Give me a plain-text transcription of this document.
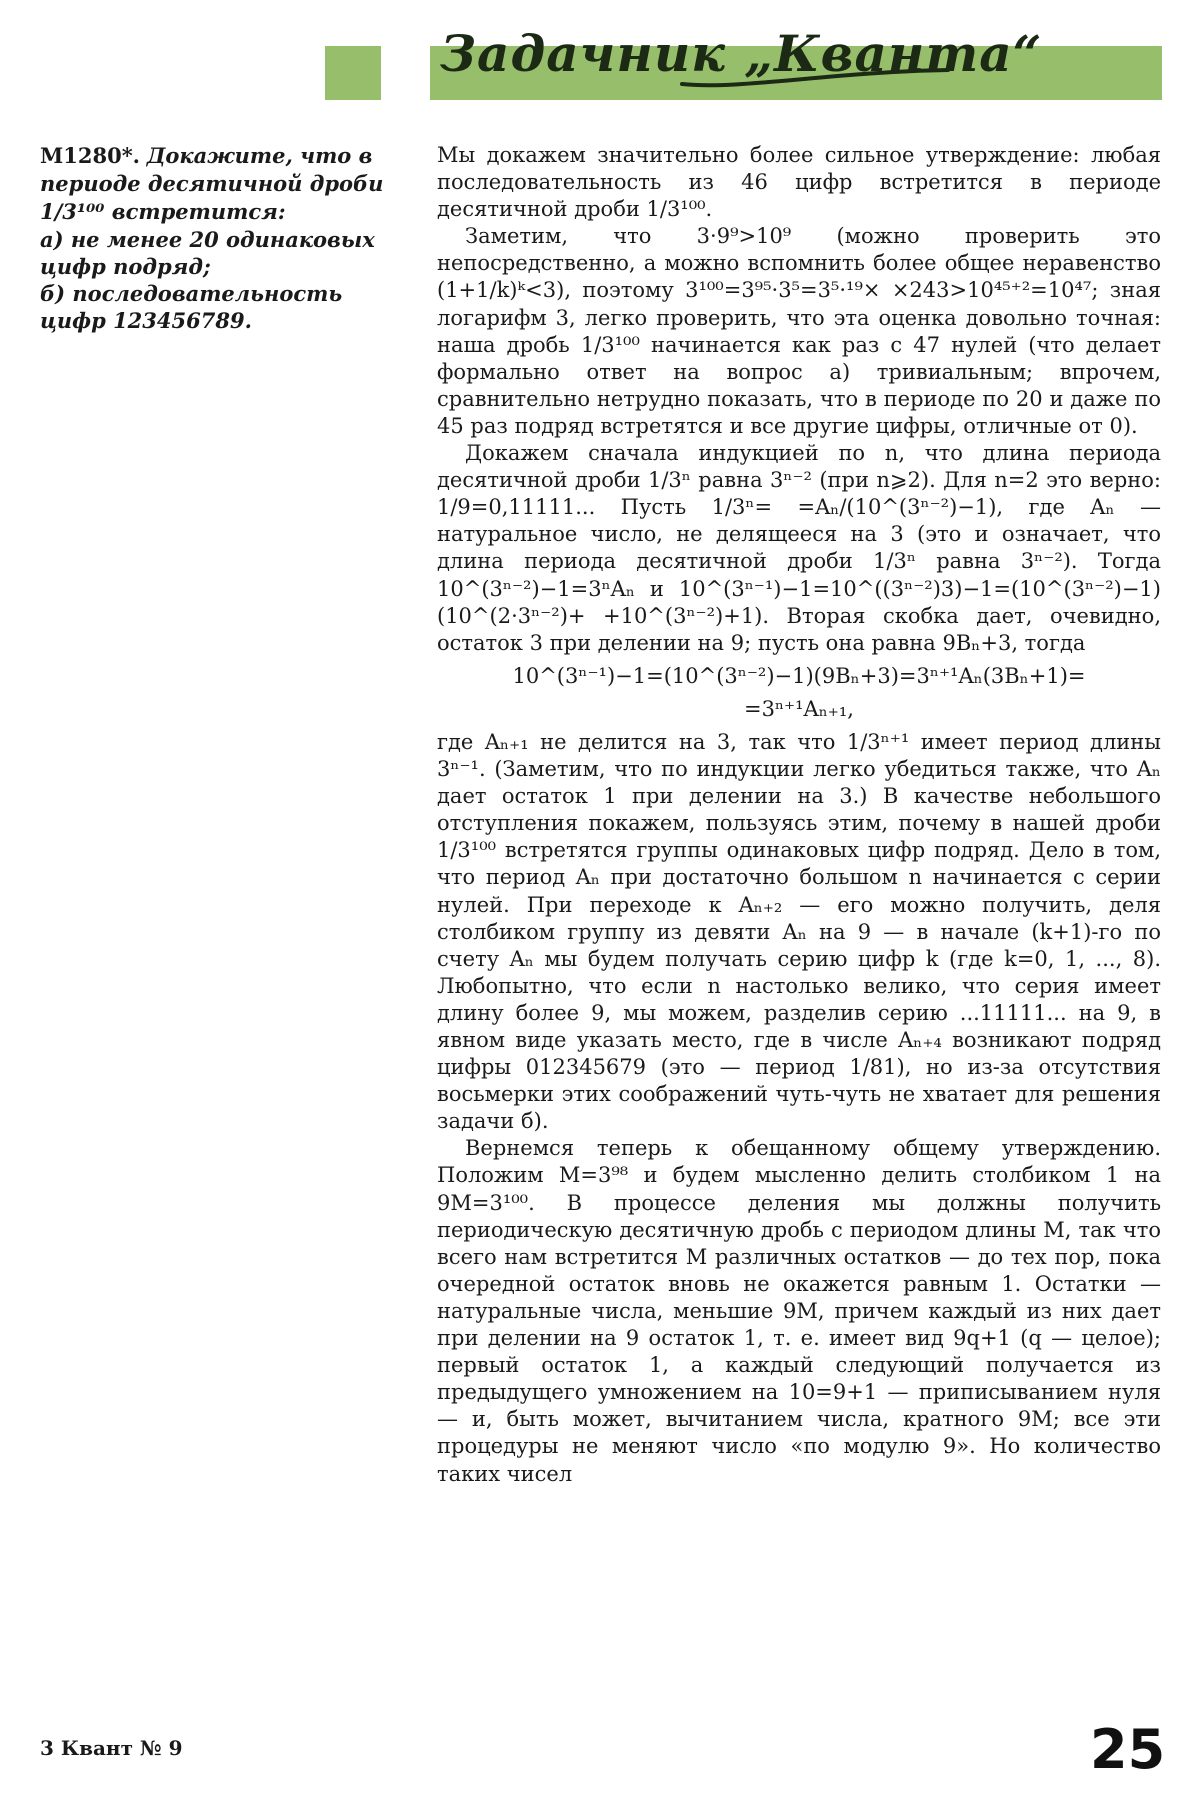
Задачник „Кванта“

М1280*. Докажите, что в периоде десятичной дроби 1/3¹⁰⁰ встретится:

а) не менее 20 одинаковых цифр подряд;

б) последовательность цифр 123456789.

Мы докажем значительно более сильное утверждение: любая последовательность из 46 цифр встретится в периоде десятичной дроби 1/3¹⁰⁰.

Заметим, что 3·9⁹>10⁹ (можно проверить это непосредственно, а можно вспомнить более общее неравенство (1+1/k)ᵏ<3), поэтому 3¹⁰⁰=3⁹⁵·3⁵=3⁵·¹⁹× ×243>10⁴⁵⁺²=10⁴⁷; зная логарифм 3, легко проверить, что эта оценка довольно точная: наша дробь 1/3¹⁰⁰ начинается как раз с 47 нулей (что делает формально ответ на вопрос а) тривиальным; впрочем, сравнительно нетрудно показать, что в периоде по 20 и даже по 45 раз подряд встретятся и все другие цифры, отличные от 0).

Докажем сначала индукцией по n, что длина периода десятичной дроби 1/3ⁿ равна 3ⁿ⁻² (при n⩾2). Для n=2 это верно: 1/9=0,11111... Пусть 1/3ⁿ= =Aₙ/(10^(3ⁿ⁻²)−1), где Aₙ — натуральное число, не делящееся на 3 (это и означает, что длина периода десятичной дроби 1/3ⁿ равна 3ⁿ⁻²). Тогда 10^(3ⁿ⁻²)−1=3ⁿAₙ и 10^(3ⁿ⁻¹)−1=10^((3ⁿ⁻²)3)−1=(10^(3ⁿ⁻²)−1)(10^(2·3ⁿ⁻²)+ +10^(3ⁿ⁻²)+1). Вторая скобка дает, очевидно, остаток 3 при делении на 9; пусть она равна 9Bₙ+3, тогда

10^(3ⁿ⁻¹)−1=(10^(3ⁿ⁻²)−1)(9Bₙ+3)=3ⁿ⁺¹Aₙ(3Bₙ+1)=

=3ⁿ⁺¹Aₙ₊₁,

где Aₙ₊₁ не делится на 3, так что 1/3ⁿ⁺¹ имеет период длины 3ⁿ⁻¹. (Заметим, что по индукции легко убедиться также, что Aₙ дает остаток 1 при делении на 3.) В качестве небольшого отступления покажем, пользуясь этим, почему в нашей дроби 1/3¹⁰⁰ встретятся группы одинаковых цифр подряд. Дело в том, что период Aₙ при достаточно большом n начинается с серии нулей. При переходе к Aₙ₊₂ — его можно получить, деля столбиком группу из девяти Aₙ на 9 — в начале (k+1)-го по счету Aₙ мы будем получать серию цифр k (где k=0, 1, ..., 8). Любопытно, что если n настолько велико, что серия имеет длину более 9, мы можем, разделив серию ...11111... на 9, в явном виде указать место, где в числе Aₙ₊₄ возникают подряд цифры 012345679 (это — период 1/81), но из-за отсутствия восьмерки этих соображений чуть-чуть не хватает для решения задачи б).

Вернемся теперь к обещанному общему утверждению. Положим M=3⁹⁸ и будем мысленно делить столбиком 1 на 9M=3¹⁰⁰. В процессе деления мы должны получить периодическую десятичную дробь с периодом длины M, так что всего нам встретится M различных остатков — до тех пор, пока очередной остаток вновь не окажется равным 1. Остатки — натуральные числа, меньшие 9M, причем каждый из них дает при делении на 9 остаток 1, т. е. имеет вид 9q+1 (q — целое); первый остаток 1, а каждый следующий получается из предыдущего умножением на 10=9+1 — приписыванием нуля — и, быть может, вычитанием числа, кратного 9M; все эти процедуры не меняют число «по модулю 9». Но количество таких чисел

3 Квант № 9	25
